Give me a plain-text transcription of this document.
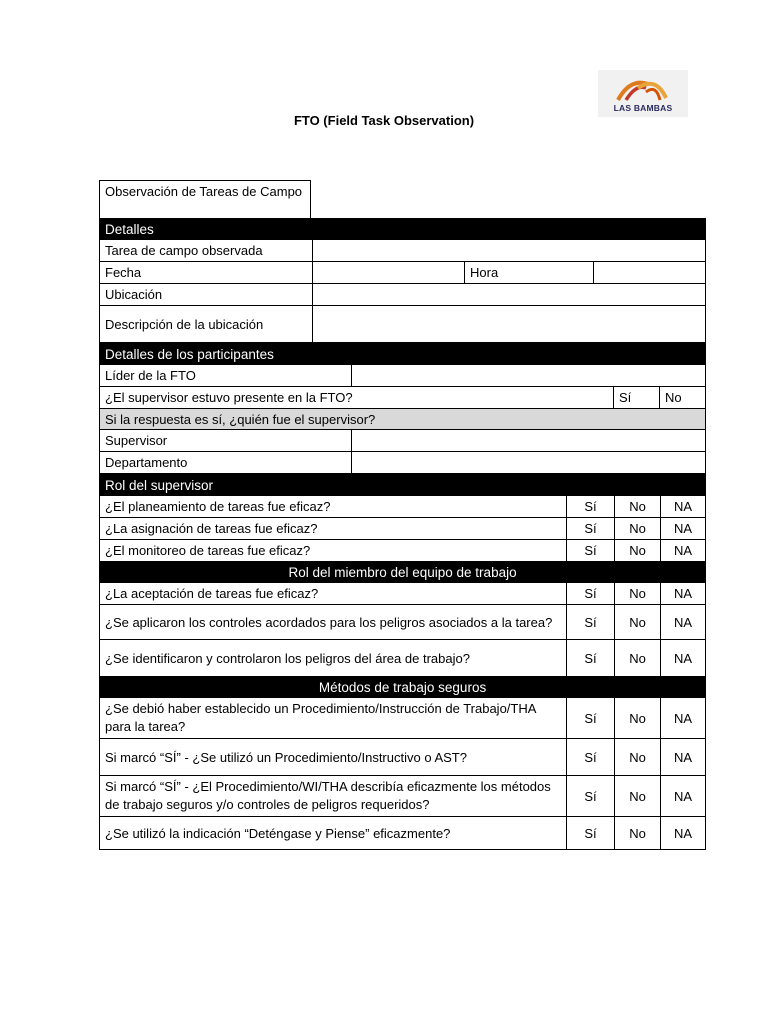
LAS BAMBAS
FTO (Field Task Observation)
Observación de Tareas de Campo
Detalles			
Tarea de campo observada			
Fecha		Hora	
Ubicación			
Descripción de la ubicación			
Detalles de los participantes			
Líder de la FTO			
¿El supervisor estuvo presente en la FTO?		Sí	No
Si la respuesta es sí, ¿quién fue el supervisor?			
Supervisor			
Departamento			
Rol del supervisor			
¿El planeamiento de tareas fue eficaz?	Sí	No	NA
¿La asignación de tareas fue eficaz?	Sí	No	NA
¿El monitoreo de tareas fue eficaz?	Sí	No	NA
Rol del miembro del equipo de trabajo			
¿La aceptación de tareas fue eficaz?	Sí	No	NA
¿Se aplicaron los controles acordados para los peligros asociados a la tarea?	Sí	No	NA
¿Se identificaron y controlaron los peligros del área de trabajo?	Sí	No	NA
Métodos de trabajo seguros			
¿Se debió haber establecido un Procedimiento/Instrucción de Trabajo/THA para la tarea?	Sí	No	NA
Si marcó “SÍ” - ¿Se utilizó un Procedimiento/Instructivo o AST?	Sí	No	NA
Si marcó “SÍ” - ¿El Procedimiento/WI/THA describía eficazmente los métodos de trabajo seguros y/o controles de peligros requeridos?	Sí	No	NA
¿Se utilizó la indicación “Deténgase y Piense” eficazmente?	Sí	No	NA
